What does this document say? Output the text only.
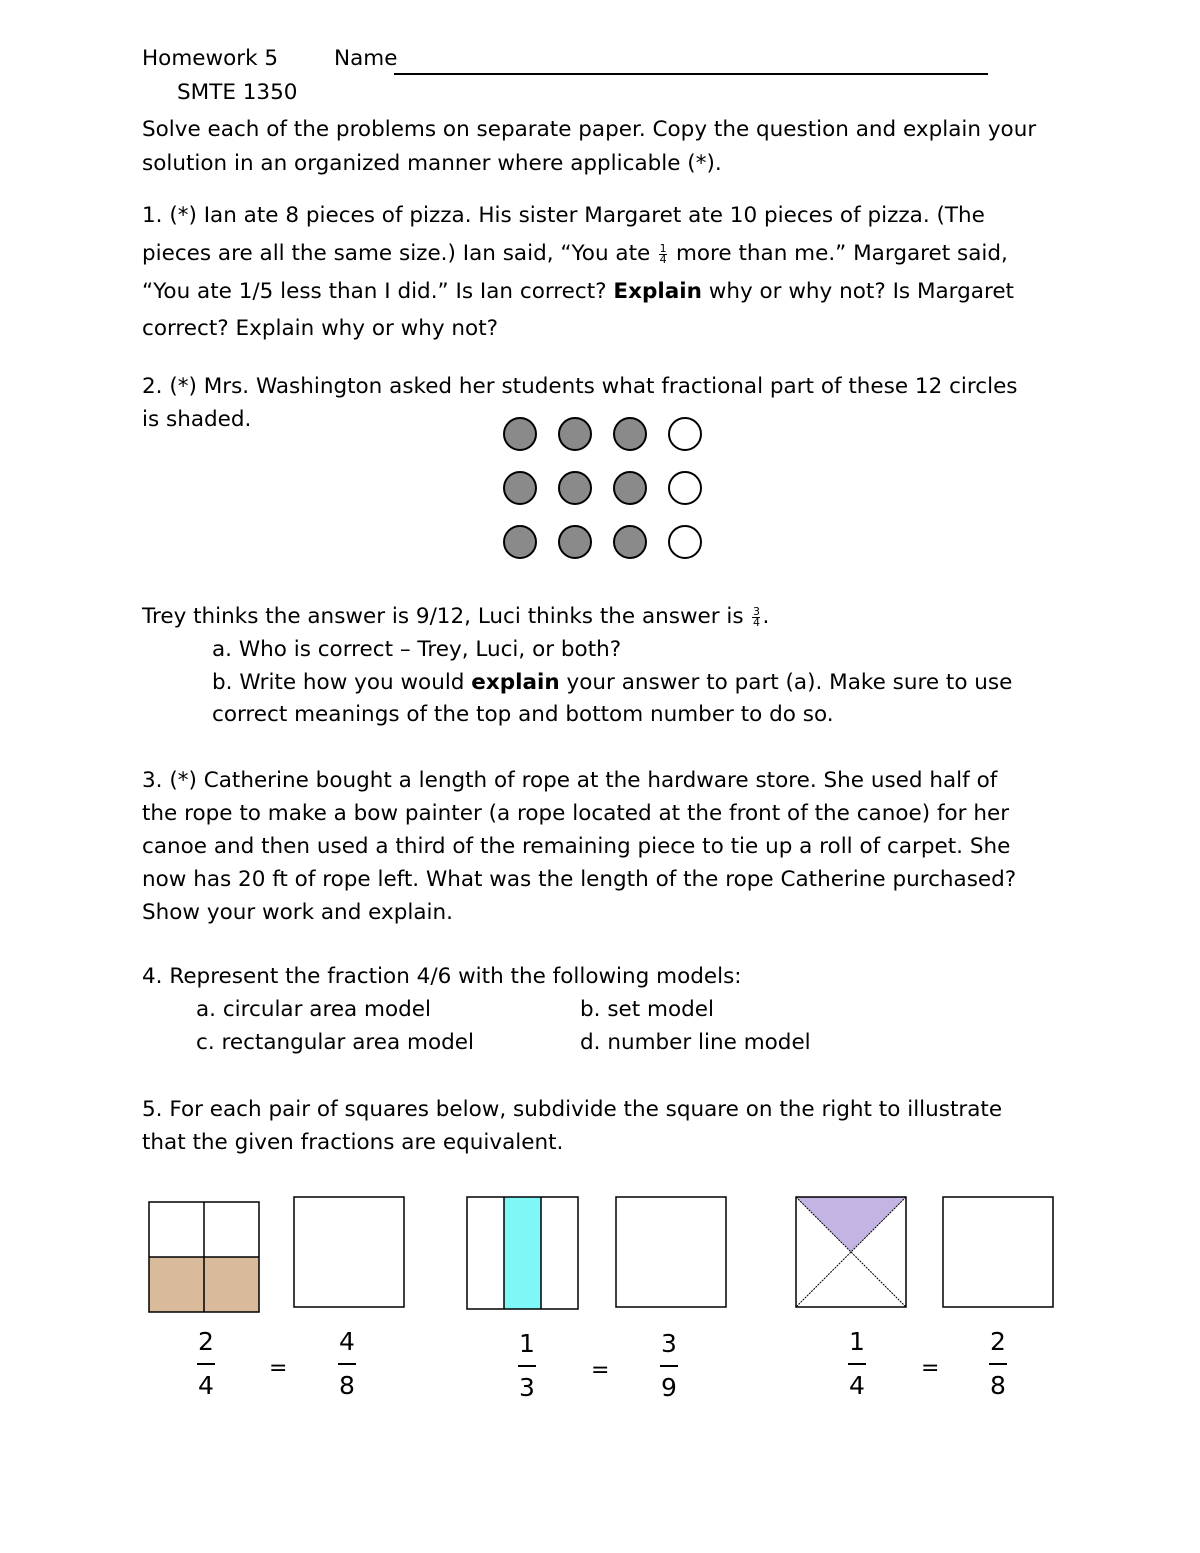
Homework 5	Name
SMTE 1350
Solve each of the problems on separate paper. Copy the question and explain your
solution in an organized manner where applicable (*).
1. (*) Ian ate 8 pieces of pizza. His sister Margaret ate 10 pieces of pizza. (The
pieces are all the same size.) Ian said, “You ate $\frac{1}{4}$ more than me.” Margaret said,
“You ate 1/5 less than I did.” Is Ian correct? Explain why or why not? Is Margaret
correct? Explain why or why not?
2. (*) Mrs. Washington asked her students what fractional part of these 12 circles
is shaded.
Trey thinks the answer is 9/12, Luci thinks the answer is $\frac{3}{4}$ .
a. Who is correct – Trey, Luci, or both?
b. Write how you would explain your answer to part (a). Make sure to use
correct meanings of the top and bottom number to do so.
3. (*) Catherine bought a length of rope at the hardware store. She used half of
the rope to make a bow painter (a rope located at the front of the canoe) for her
canoe and then used a third of the remaining piece to tie up a roll of carpet. She
now has 20 ft of rope left. What was the length of the rope Catherine purchased?
Show your work and explain.
4. Represent the fraction 4/6 with the following models:
a. circular area model	b. set model
c. rectangular area model	d. number line model
5. For each pair of squares below, subdivide the square on the right to illustrate
that the given fractions are equivalent.
2
4
=
4
8
1
3
=
3
9
1
4
=
2
8
